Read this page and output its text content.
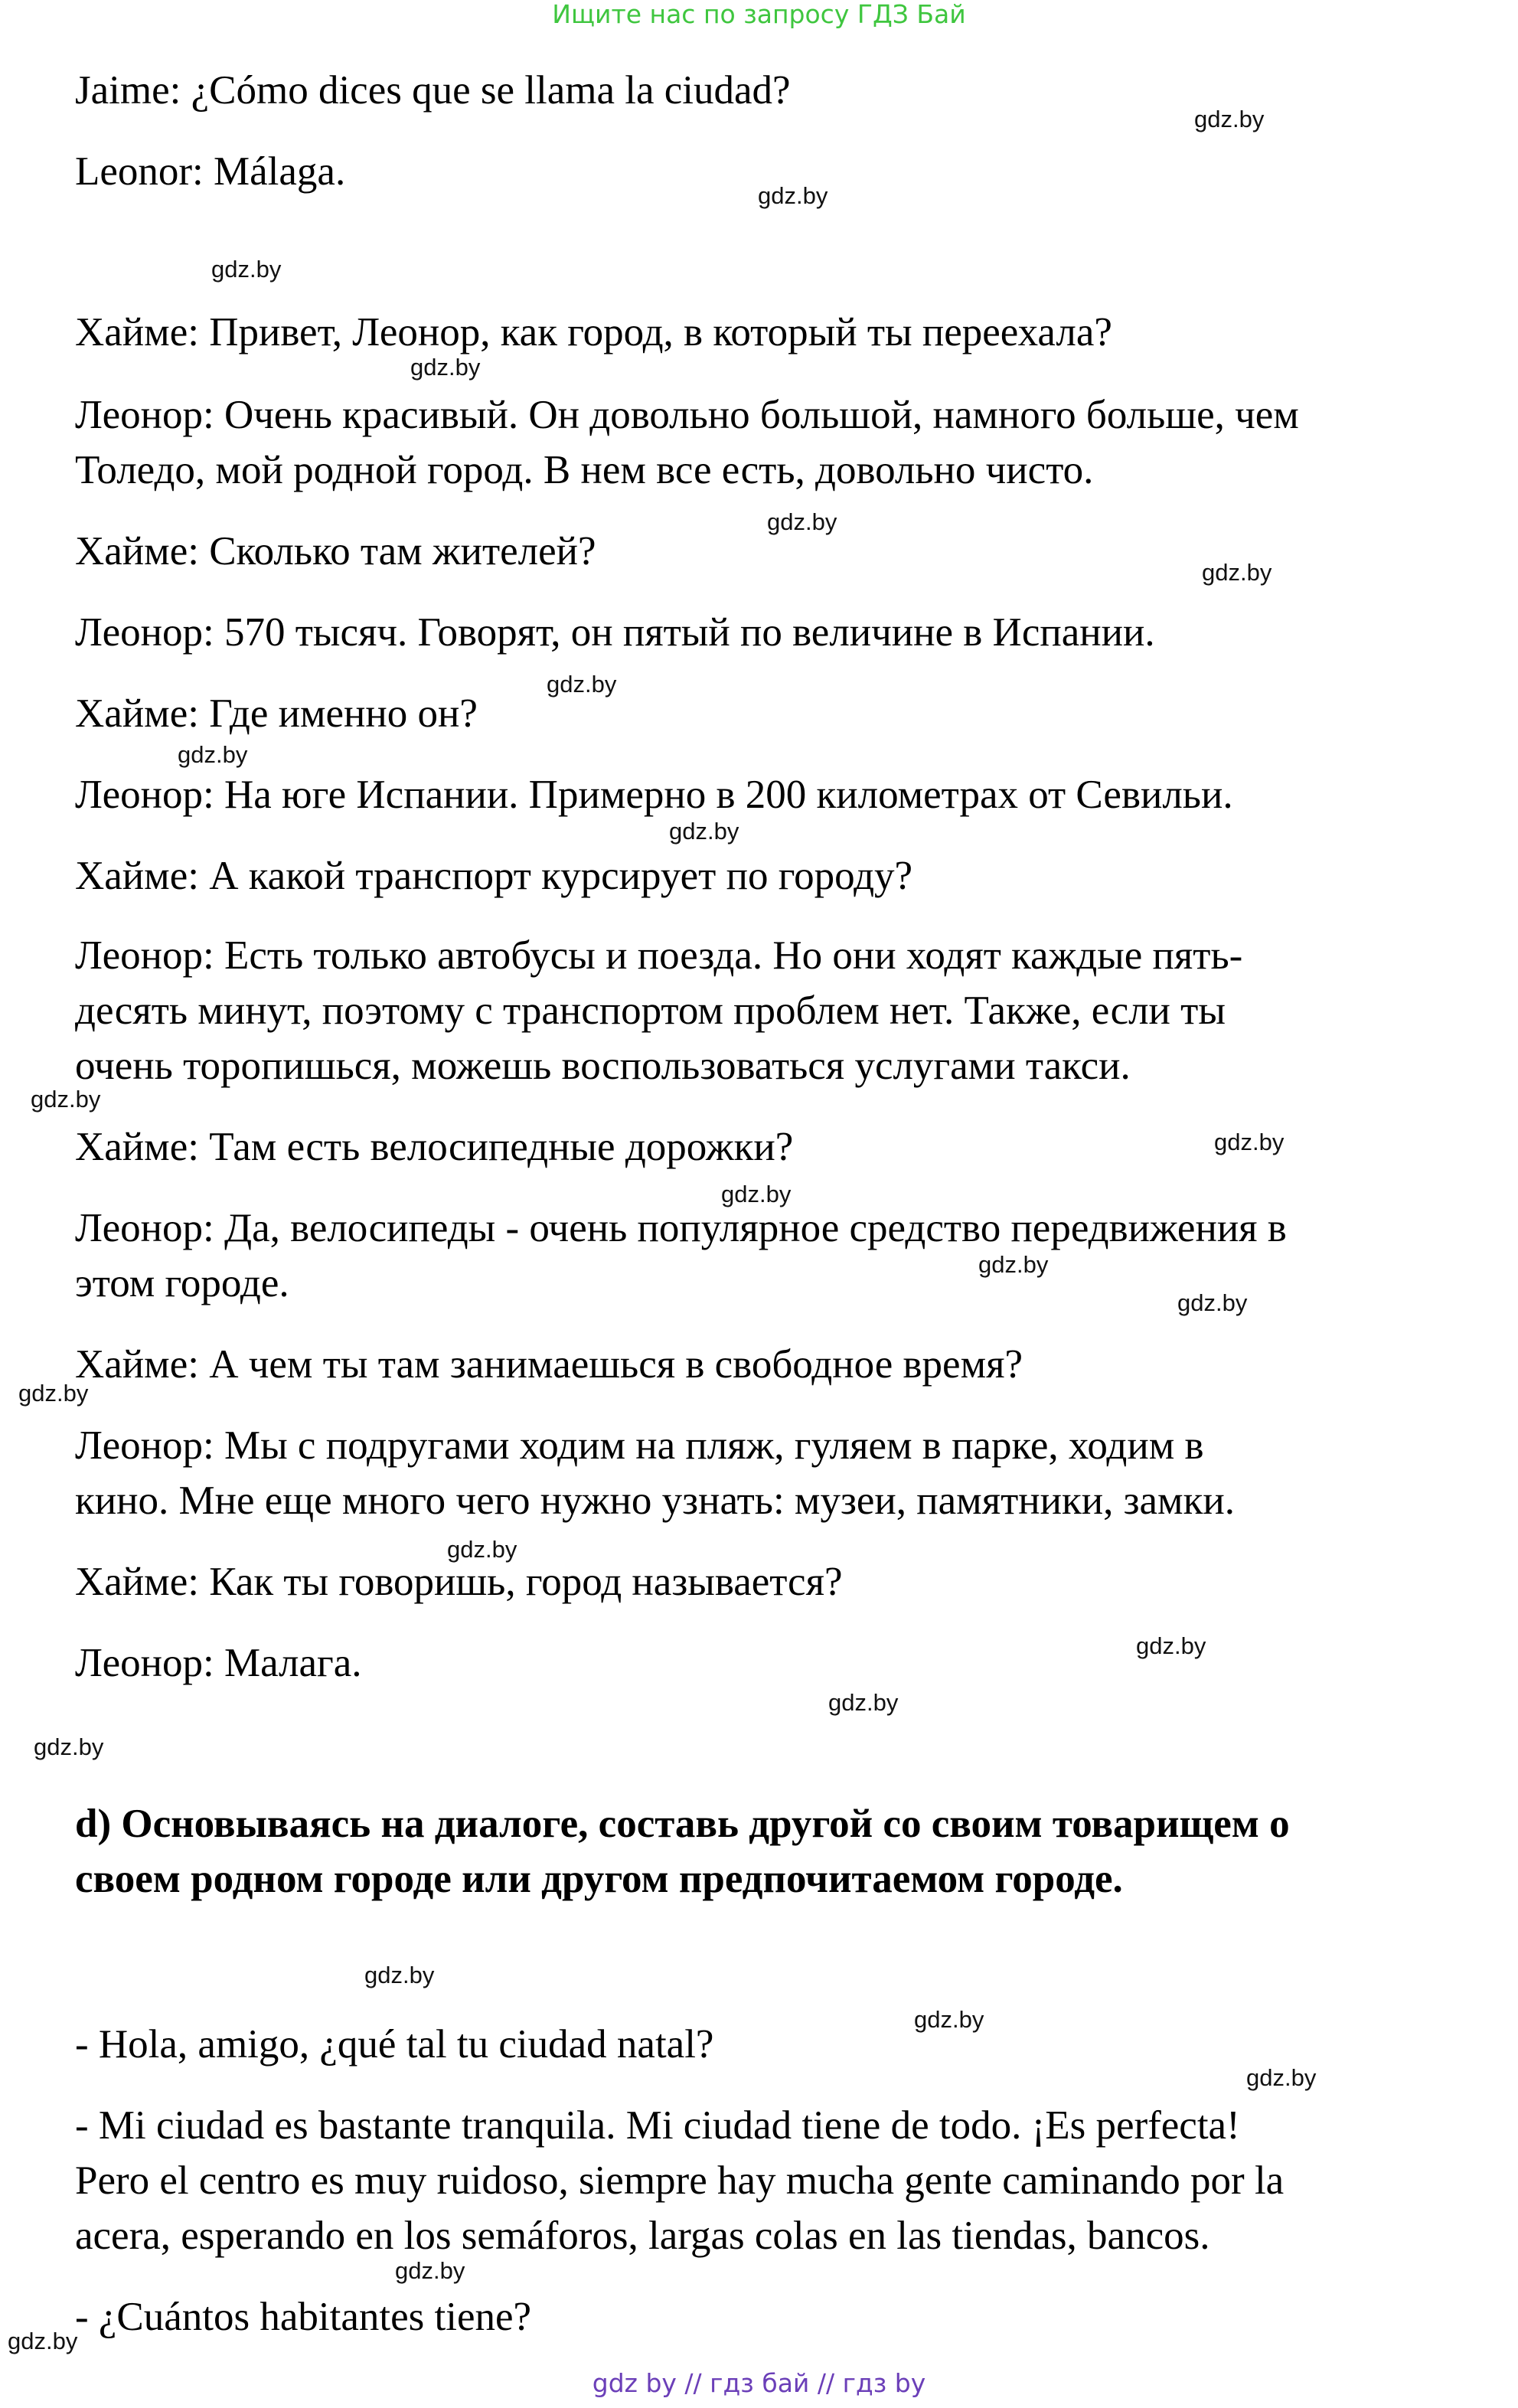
Ищите нас по запросу ГДЗ Бай

Jaime: ¿Cómo dices que se llama la ciudad?

Leonor: Málaga.

Хайме: Привет, Леонор, как город, в который ты переехала?

Леонор: Очень красивый. Он довольно большой, намного больше, чем

Толедо, мой родной город. В нем все есть, довольно чисто.

Хайме: Сколько там жителей?

Леонор: 570 тысяч. Говорят, он пятый по величине в Испании.

Хайме: Где именно он?

Леонор: На юге Испании. Примерно в 200 километрах от Севильи.

Хайме: А какой транспорт курсирует по городу?

Леонор: Есть только автобусы и поезда. Но они ходят каждые пять-

десять минут, поэтому с транспортом проблем нет. Также, если ты

очень торопишься, можешь воспользоваться услугами такси.

Хайме: Там есть велосипедные дорожки?

Леонор: Да, велосипеды - очень популярное средство передвижения в

этом городе.

Хайме: А чем ты там занимаешься в свободное время?

Леонор: Мы с подругами ходим на пляж, гуляем в парке, ходим в

кино. Мне еще много чего нужно узнать: музеи, памятники, замки.

Хайме: Как ты говоришь, город называется?

Леонор: Малага.

d) Основываясь на диалоге, составь другой со своим товарищем о

своем родном городе или другом предпочитаемом городе.

- Hola, amigo, ¿qué tal tu ciudad natal?

- Mi ciudad es bastante tranquila. Mi ciudad tiene de todo. ¡Es perfecta!

Pero el centro es muy ruidoso, siempre hay mucha gente caminando por la

acera, esperando en los semáforos, largas colas en las tiendas, bancos.

- ¿Cuántos habitantes tiene?

gdz.by
gdz.by
gdz.by
gdz.by
gdz.by
gdz.by
gdz.by
gdz.by
gdz.by
gdz.by
gdz.by
gdz.by
gdz.by
gdz.by
gdz.by
gdz.by
gdz.by
gdz.by
gdz.by
gdz.by
gdz.by
gdz.by
gdz.by
gdz.by
gdz by // гдз бай // гдз by
